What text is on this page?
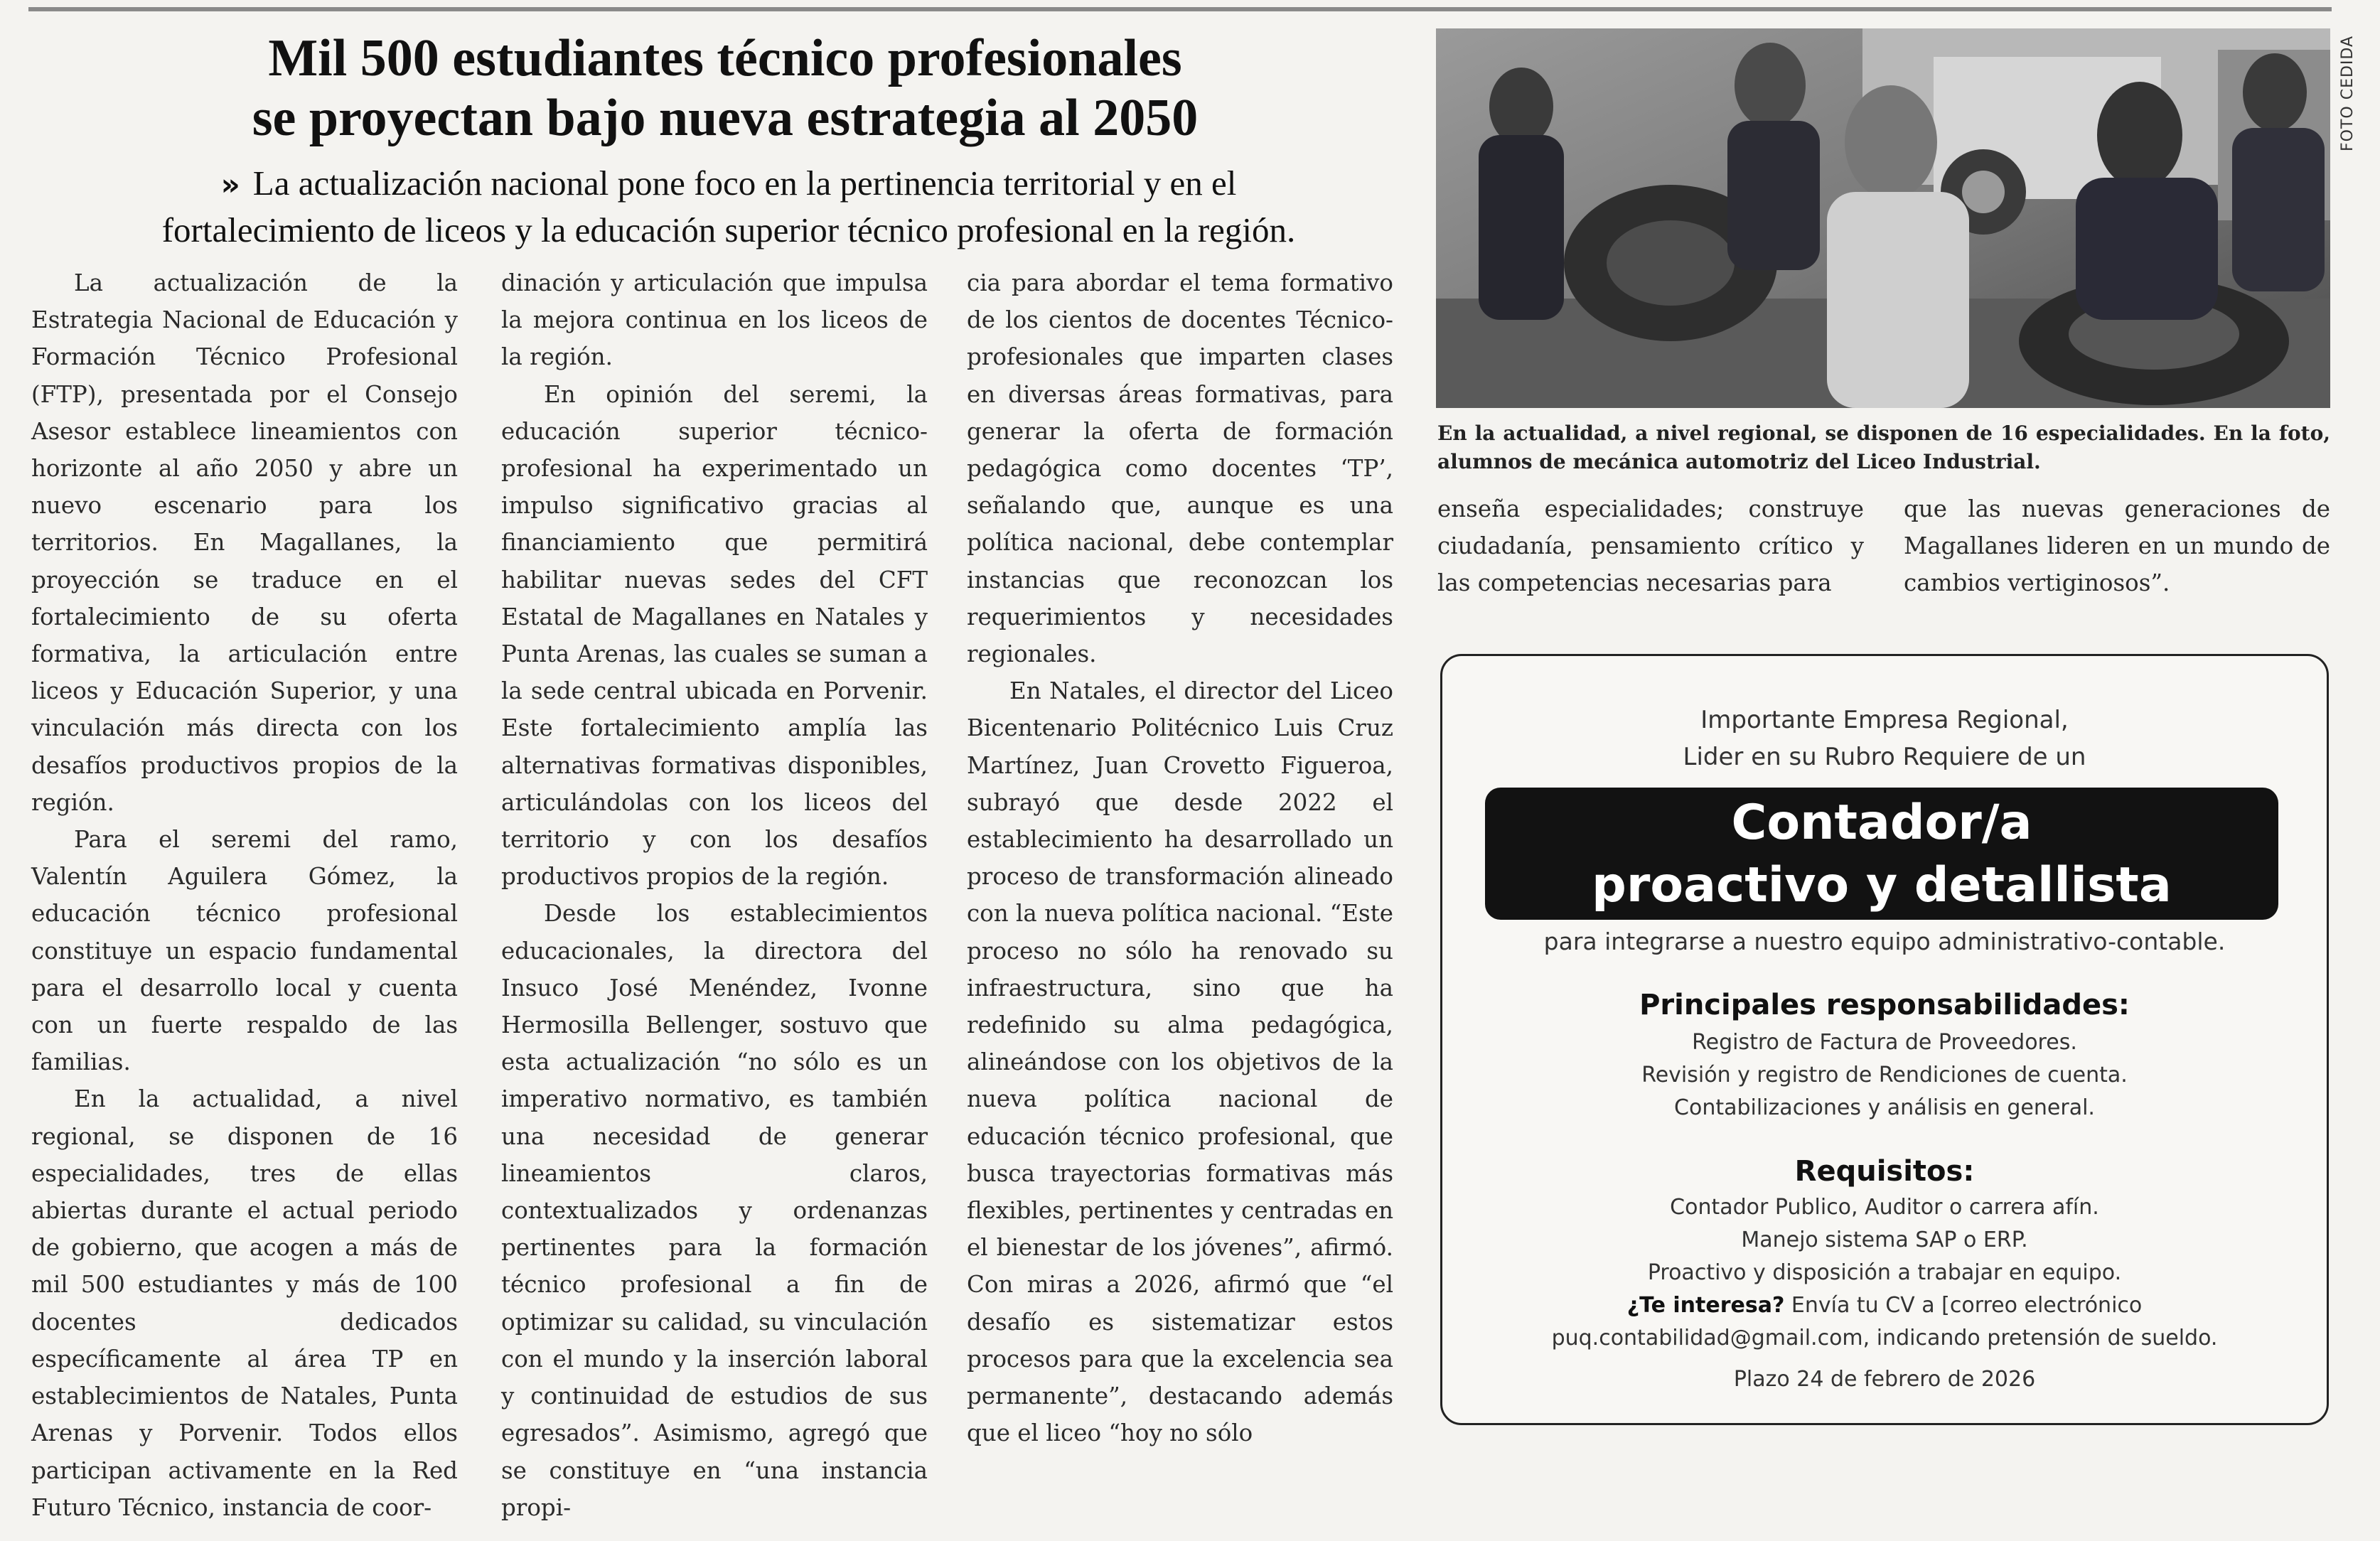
Mil 500 estudiantes técnico profesionales
se proyectan bajo nueva estrategia al 2050

» La actualización nacional pone foco en la pertinencia territorial y en el
fortalecimiento de liceos y la educación superior técnico profesional en la región.

La actualización de la Estrategia Nacional de Educación y Formación Técnico Profesional (FTP), presentada por el Consejo Asesor establece lineamientos con horizonte al año 2050 y abre un nuevo escenario para los territorios. En Magallanes, la proyección se traduce en el fortalecimiento de su oferta formativa, la articulación entre liceos y Educación Superior, y una vinculación más directa con los desafíos productivos propios de la región.

Para el seremi del ramo, Valentín Aguilera Gómez, la educación técnico profesional constituye un espacio fundamental para el desarrollo local y cuenta con un fuerte respaldo de las familias.

En la actualidad, a nivel regional, se disponen de 16 especialidades, tres de ellas abiertas durante el actual periodo de gobierno, que acogen a más de mil 500 estudiantes y más de 100 docentes dedicados específicamente al área TP en establecimientos de Natales, Punta Arenas y Porvenir. Todos ellos participan activamente en la Red Futuro Técnico, instancia de coor-

dinación y articulación que impulsa la mejora continua en los liceos de la región.

En opinión del seremi, la educación superior técnico-profesional ha experimentado un impulso significativo gracias al financiamiento que permitirá habilitar nuevas sedes del CFT Estatal de Magallanes en Natales y Punta Arenas, las cuales se suman a la sede central ubicada en Porvenir. Este fortalecimiento amplía las alternativas formativas disponibles, articulándolas con los liceos del territorio y con los desafíos productivos propios de la región.

Desde los establecimientos educacionales, la directora del Insuco José Menéndez, Ivonne Hermosilla Bellenger, sostuvo que esta actualización “no sólo es un imperativo normativo, es también una necesidad de generar lineamientos claros, contextualizados y ordenanzas pertinentes para la formación técnico profesional a fin de optimizar su calidad, su vinculación con el mundo y la inserción laboral y continuidad de estudios de sus egresados”. Asimismo, agregó que se constituye en “una instancia propi-

cia para abordar el tema formativo de los cientos de docentes Técnico-profesionales que imparten clases en diversas áreas formativas, para generar la oferta de formación pedagógica como docentes ‘TP’, señalando que, aunque es una política nacional, debe contemplar instancias que reconozcan los requerimientos y necesidades regionales.

En Natales, el director del Liceo Bicentenario Politécnico Luis Cruz Martínez, Juan Crovetto Figueroa, subrayó que desde 2022 el establecimiento ha desarrollado un proceso de transformación alineado con la nueva política nacional. “Este proceso no sólo ha renovado su infraestructura, sino que ha redefinido su alma pedagógica, alineándose con los objetivos de la nueva política nacional de educación técnico profesional, que busca trayectorias formativas más flexibles, pertinentes y centradas en el bienestar de los jóvenes”, afirmó. Con miras a 2026, afirmó que “el desafío es sistematizar estos procesos para que la excelencia sea permanente”, destacando además que el liceo “hoy no sólo

FOTO CEDIDA

En la actualidad, a nivel regional, se disponen de 16 especialidades. En la foto, alumnos de mecánica automotriz del Liceo Industrial.

enseña especialidades; construye ciudadanía, pensamiento crítico y las competencias necesarias para

que las nuevas generaciones de Magallanes lideren en un mundo de cambios vertiginosos”.

Importante Empresa Regional,
Lider en su Rubro Requiere de un
Contador/a
proactivo y detallista
para integrarse a nuestro equipo administrativo-contable.
Principales responsabilidades:
Registro de Factura de Proveedores.
Revisión y registro de Rendiciones de cuenta.
Contabilizaciones y análisis en general.
Requisitos:
Contador Publico, Auditor o carrera afín.
Manejo sistema SAP o ERP.
Proactivo y disposición a trabajar en equipo.
¿Te interesa? Envía tu CV a [correo electrónico
puq.contabilidad@gmail.com, indicando pretensión de sueldo.
Plazo 24 de febrero de 2026
